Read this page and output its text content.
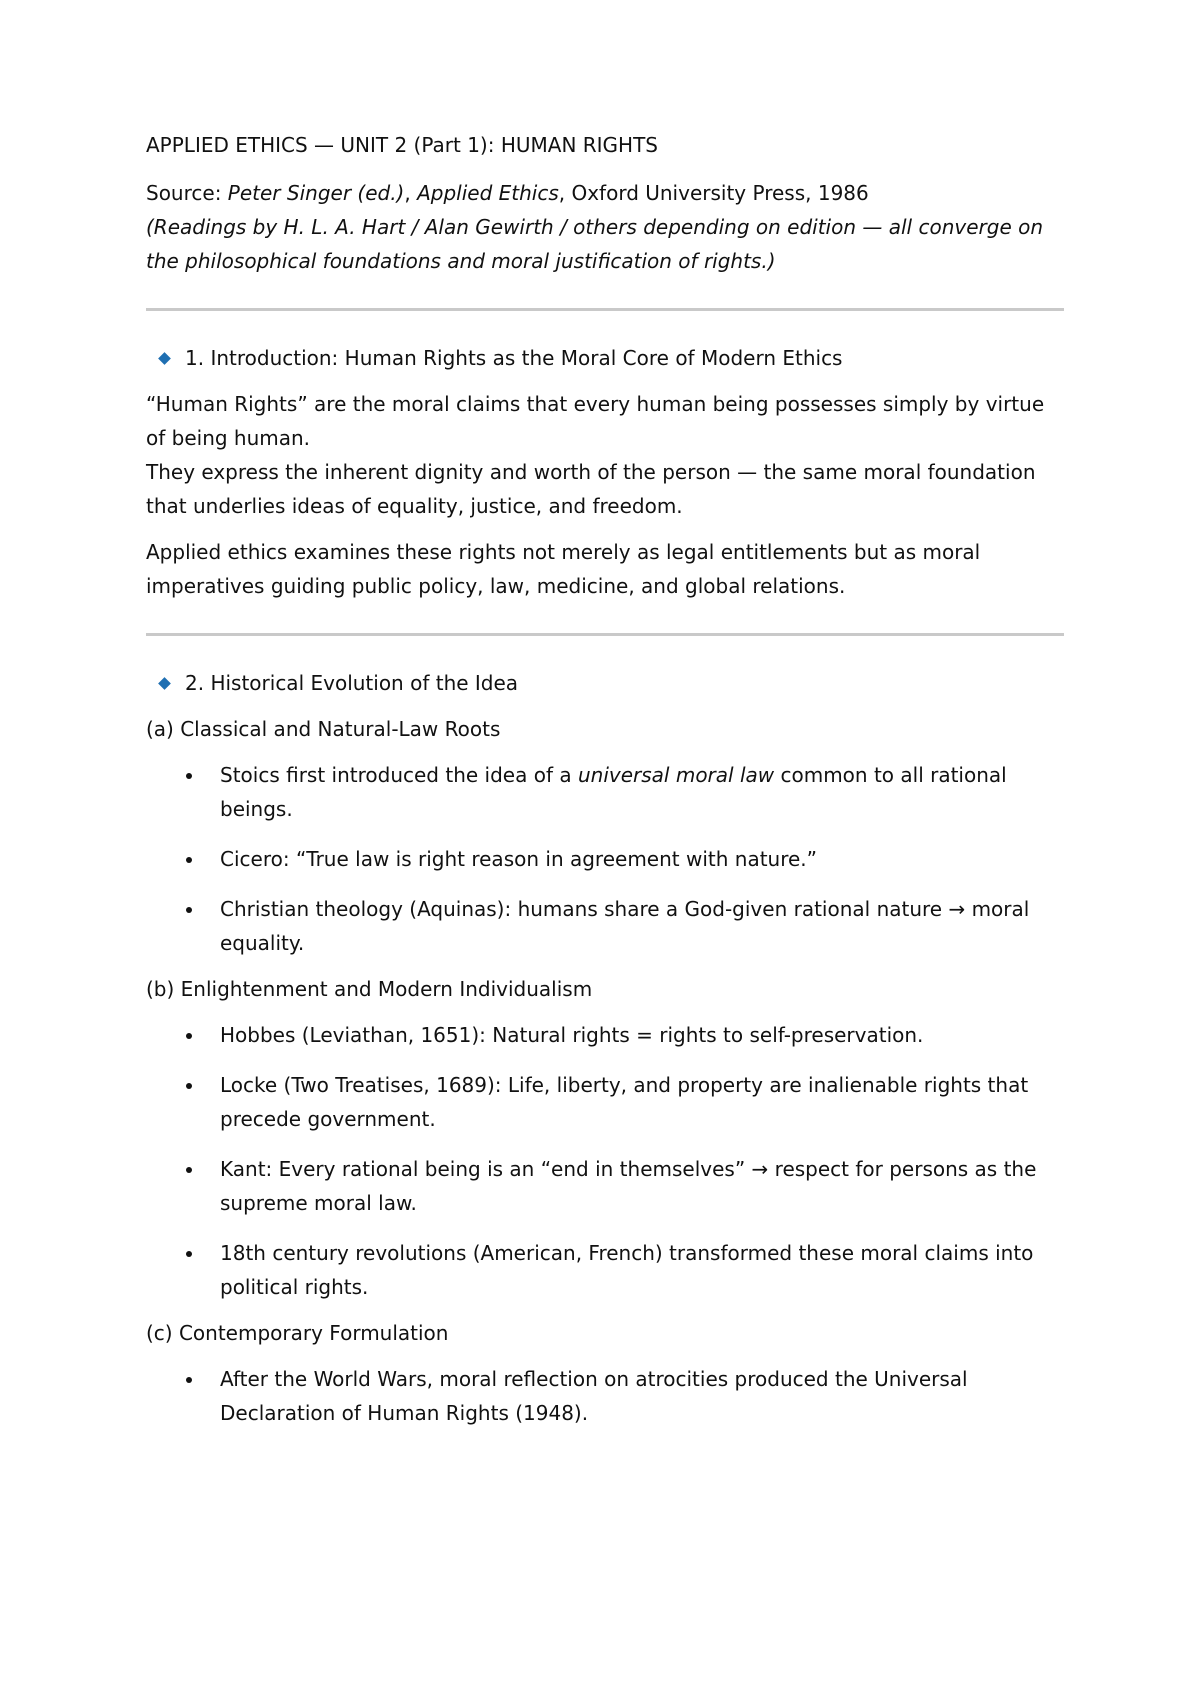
APPLIED ETHICS — UNIT 2 (Part 1): HUMAN RIGHTS

Source: Peter Singer (ed.), Applied Ethics, Oxford University Press, 1986

(Readings by H. L. A. Hart / Alan Gewirth / others depending on edition — all converge on the philosophical foundations and moral justification of rights.)

1. Introduction: Human Rights as the Moral Core of Modern Ethics

“Human Rights” are the moral claims that every human being possesses simply by virtue of being human.

They express the inherent dignity and worth of the person — the same moral foundation that underlies ideas of equality, justice, and freedom.

Applied ethics examines these rights not merely as legal entitlements but as moral imperatives guiding public policy, law, medicine, and global relations.

2. Historical Evolution of the Idea

(a) Classical and Natural-Law Roots

Stoics first introduced the idea of a universal moral law common to all rational beings.
Cicero: “True law is right reason in agreement with nature.”
Christian theology (Aquinas): humans share a God-given rational nature → moral equality.

(b) Enlightenment and Modern Individualism

Hobbes (Leviathan, 1651): Natural rights = rights to self-preservation.
Locke (Two Treatises, 1689): Life, liberty, and property are inalienable rights that precede government.
Kant: Every rational being is an “end in themselves” → respect for persons as the supreme moral law.
18th century revolutions (American, French) transformed these moral claims into political rights.

(c) Contemporary Formulation

After the World Wars, moral reflection on atrocities produced the Universal Declaration of Human Rights (1948).
